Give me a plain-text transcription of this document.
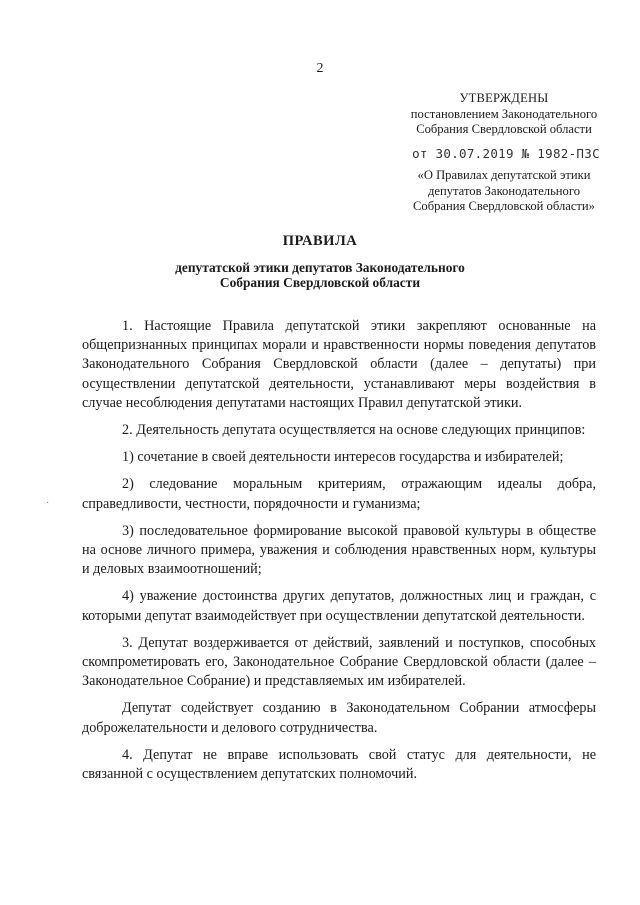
2
УТВЕРЖДЕНЫ
постановлением Законодательного
Собрания Свердловской области
от 30.07.2019 № 1982-ПЗС
«О Правилах депутатской этики
депутатов Законодательного
Собрания Свердловской области»
ПРАВИЛА
депутатской этики депутатов Законодательного
Собрания Свердловской области
˙

1. Настоящие Правила депутатской этики закрепляют основанные на общепризнанных принципах морали и нравственности нормы поведения депутатов Законодательного Собрания Свердловской области (далее – депутаты) при осуществлении депутатской деятельности, устанавливают меры воздействия в случае несоблюдения депутатами настоящих Правил депутатской этики.

2. Деятельность депутата осуществляется на основе следующих принципов:

1) сочетание в своей деятельности интересов государства и избирателей;

2) следование моральным критериям, отражающим идеалы добра, справедливости, честности, порядочности и гуманизма;

3) последовательное формирование высокой правовой культуры в обществе на основе личного примера, уважения и соблюдения нравственных норм, культуры и деловых взаимоотношений;

4) уважение достоинства других депутатов, должностных лиц и граждан, с которыми депутат взаимодействует при осуществлении депутатской деятельности.

3. Депутат воздерживается от действий, заявлений и поступков, способных скомпрометировать его, Законодательное Собрание Свердловской области (далее – Законодательное Собрание) и представляемых им избирателей.

Депутат содействует созданию в Законодательном Собрании атмосферы доброжелательности и делового сотрудничества.

4. Депутат не вправе использовать свой статус для деятельности, не связанной с осуществлением депутатских полномочий.
